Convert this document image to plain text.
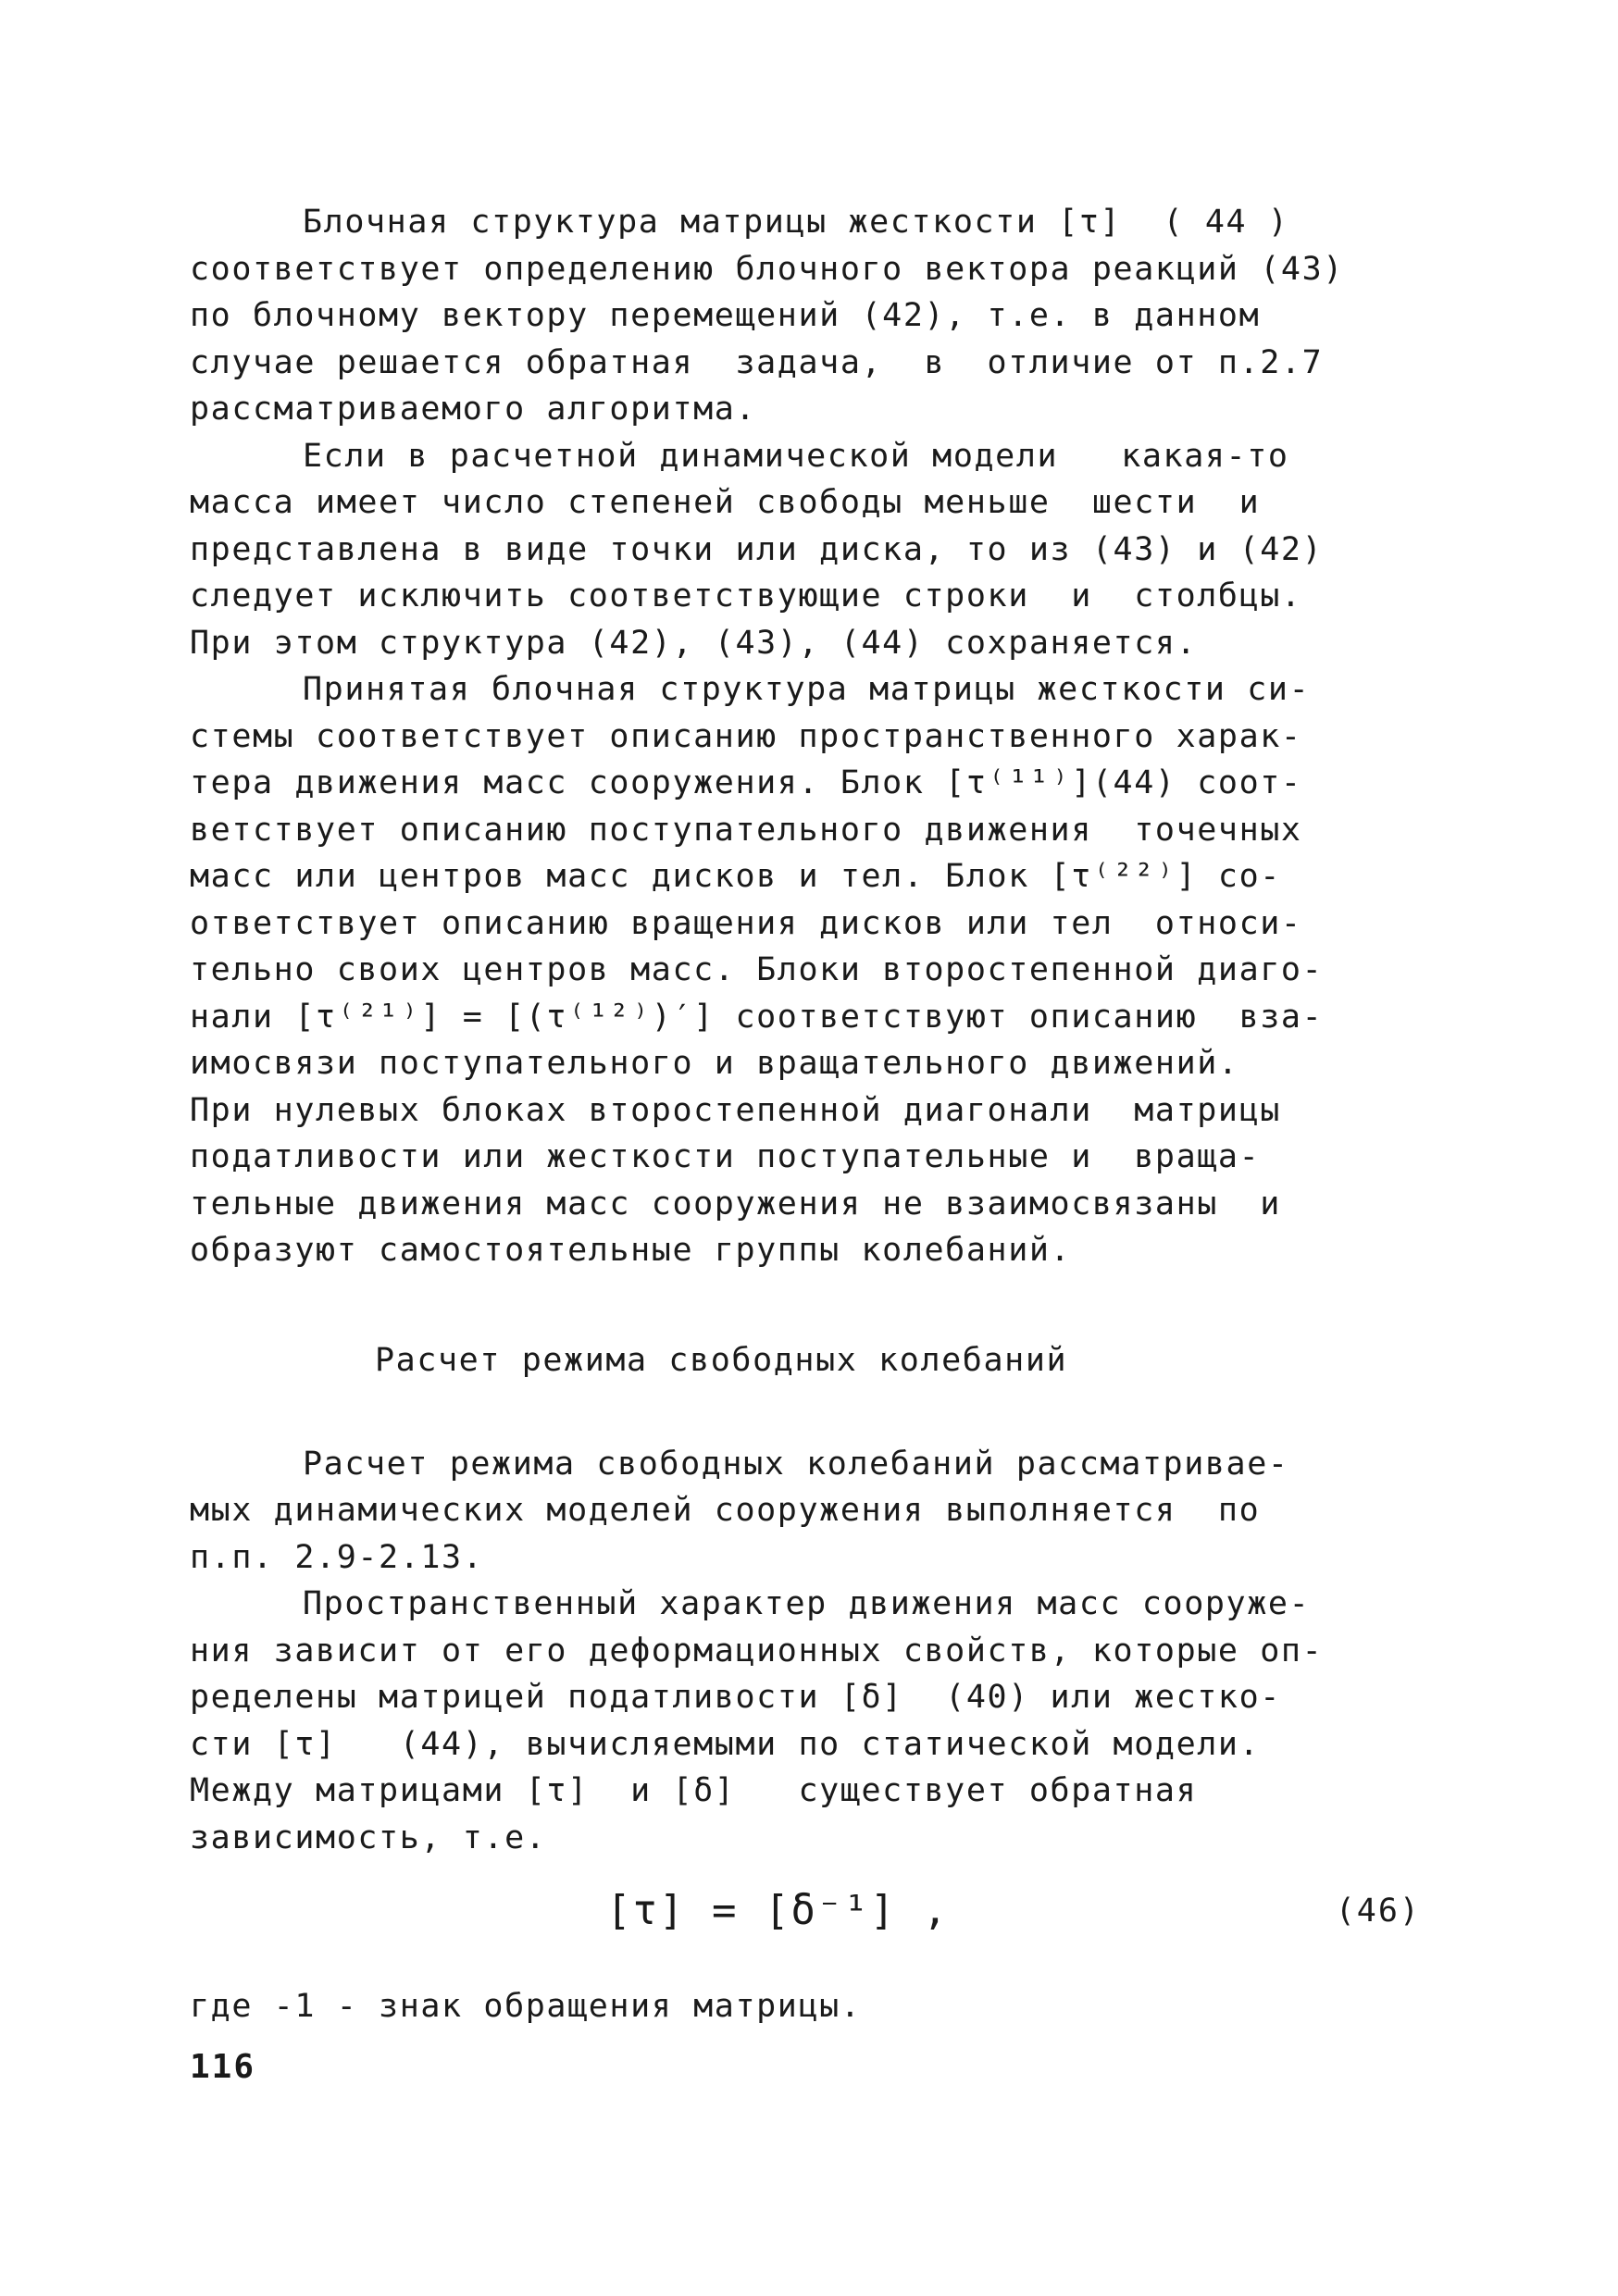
Блочная структура матрицы жесткости [τ]  ( 44 )
соответствует определению блочного вектора реакций (43)
по блочному вектору перемещений (42), т.е. в данном
случае решается обратная  задача,  в  отличие от п.2.7
рассматриваемого алгоритма.
Если в расчетной динамической модели   какая-то
масса имеет число степеней свободы меньше  шести  и
представлена в виде точки или диска, то из (43) и (42)
следует исключить соответствующие строки  и  столбцы.
При этом структура (42), (43), (44) сохраняется.
Принятая блочная структура матрицы жесткости си-
стемы соответствует описанию пространственного харак-
тера движения масс сооружения. Блок [τ⁽¹¹⁾](44) соот-
ветствует описанию поступательного движения  точечных
масс или центров масс дисков и тел. Блок [τ⁽²²⁾] со-
ответствует описанию вращения дисков или тел  относи-
тельно своих центров масс. Блоки второстепенной диаго-
нали [τ⁽²¹⁾] = [(τ⁽¹²⁾)′] соответствуют описанию  вза-
имосвязи поступательного и вращательного движений.
При нулевых блоках второстепенной диагонали  матрицы
податливости или жесткости поступательные и  враща-
тельные движения масс сооружения не взаимосвязаны  и
образуют самостоятельные группы колебаний.
Расчет режима свободных колебаний
Расчет режима свободных колебаний рассматривае-
мых динамических моделей сооружения выполняется  по
п.п. 2.9-2.13.
Пространственный характер движения масс сооруже-
ния зависит от его деформационных свойств, которые оп-
ределены матрицей податливости [δ]  (40) или жестко-
сти [τ]   (44), вычисляемыми по статической модели.
Между матрицами [τ]  и [δ]   существует обратная
зависимость, т.е.
[τ] = [δ⁻¹] ,	(46)
где -1 - знак обращения матрицы.
116
